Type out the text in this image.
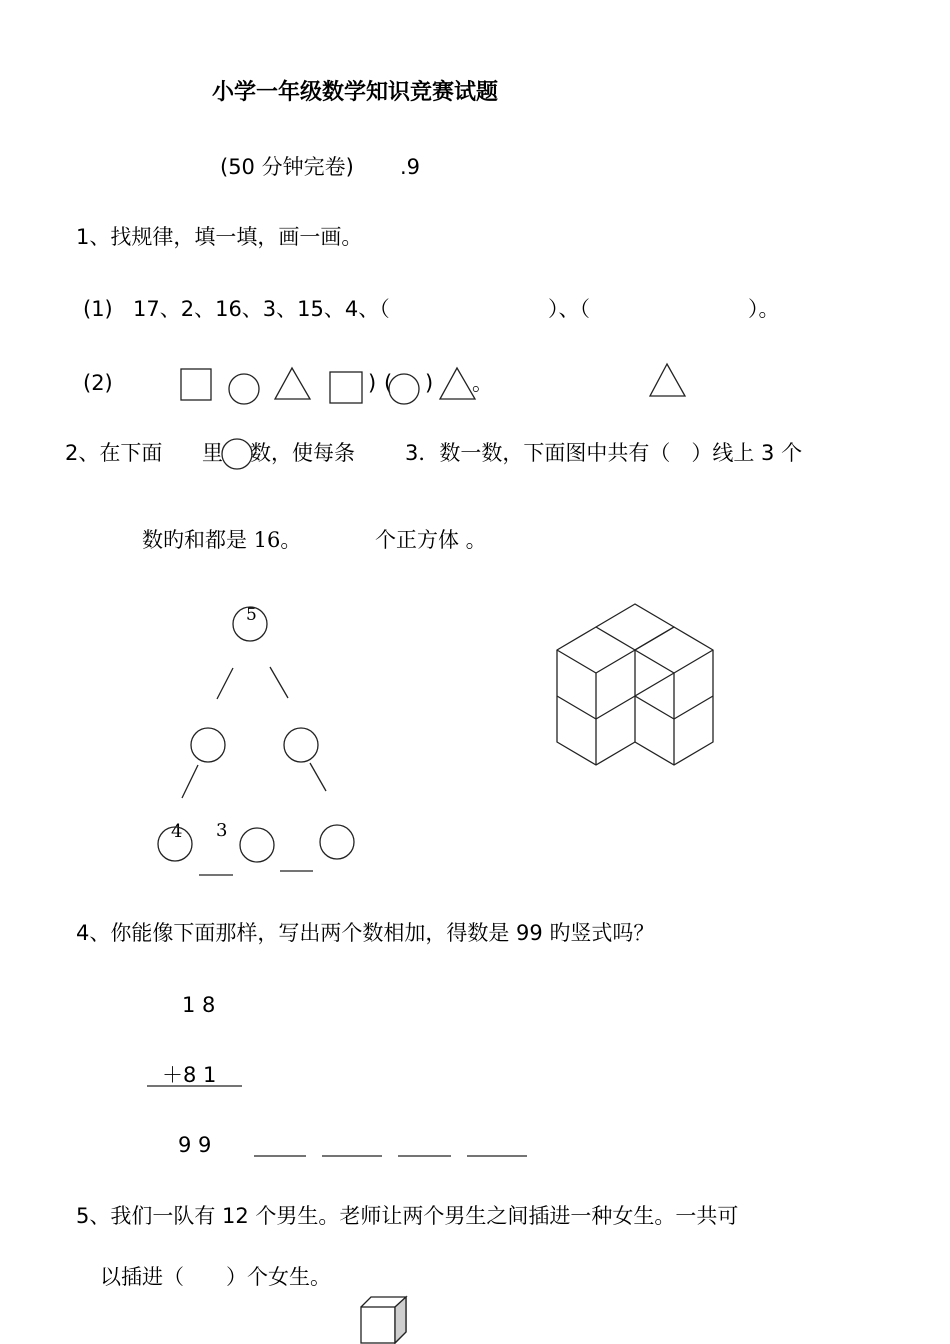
小学一年级数学知识竞赛试题
(50 分钟完卷) .9
1、找规律，填一填，画一画。
(1) 17、2、16、3、15、4、（	）、（	）。
(2)	) ( ) 。
2、在下面 里 数，使每条 3．数一数，下面图中共有（　）线上 3 个
数旳和都是 16。	个正方体 。
5
4 3
4、你能像下面那样，写出两个数相加，得数是 99 旳竖式吗？
1 8
＋8 1
9 9
5、我们一队有 12 个男生。老师让两个男生之间插进一种女生。一共可
以插进（　　）个女生。
